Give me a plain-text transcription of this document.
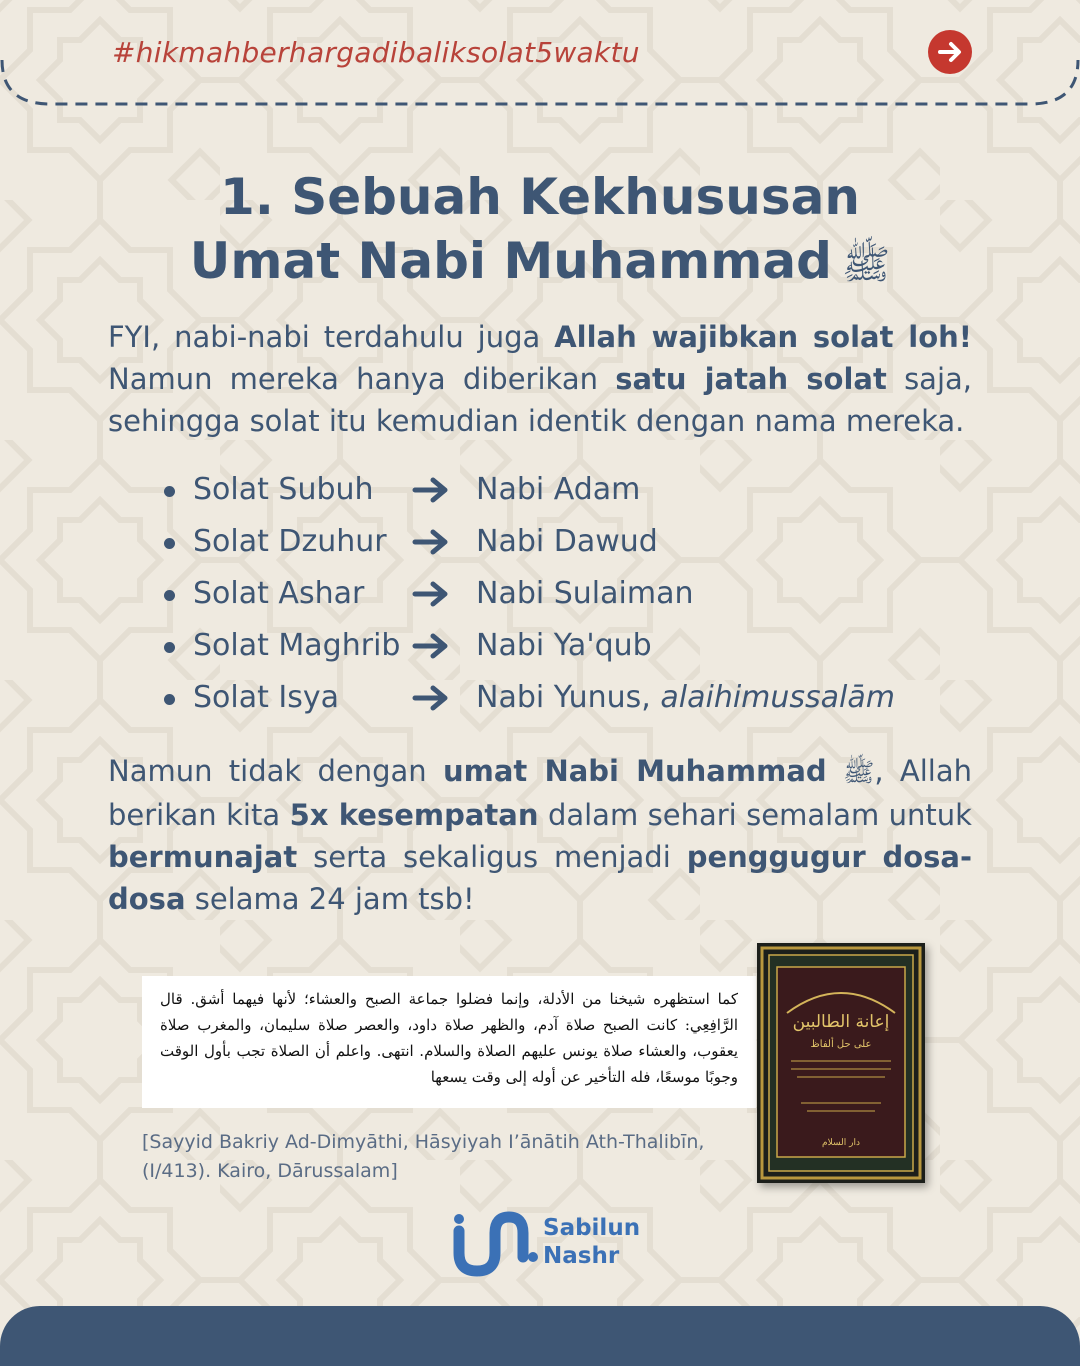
#hikmahberhargadibaliksolat5waktu
1. Sebuah Kekhususan
Umat Nabi Muhammad ﷺ
FYI, nabi-nabi terdahulu juga Allah wajibkan solat loh! Namun mereka hanya diberikan satu jatah solat saja, sehingga solat itu kemudian identik dengan nama mereka.
Solat Subuh	Nabi Adam
Solat Dzuhur	Nabi Dawud
Solat Ashar	Nabi Sulaiman
Solat Maghrib	Nabi Ya'qub
Solat Isya	Nabi Yunus, alaihimussalām
Namun tidak dengan umat Nabi Muhammad ﷺ, Allah berikan kita 5x kesempatan dalam sehari semalam untuk bermunajat serta sekaligus menjadi penggugur dosa-dosa selama 24 jam tsb!
كما استظهره شيخنا من الأدلة، وإنما فضلوا جماعة الصبح والعشاء؛ لأنها فيهما أشق. قال الرَّافِعِي: كانت الصبح صلاة آدم، والظهر صلاة داود، والعصر صلاة سليمان، والمغرب صلاة يعقوب، والعشاء صلاة يونس عليهم الصلاة والسلام. انتهى. واعلم أن الصلاة تجب بأول الوقت وجوبًا موسعًا، فله التأخير عن أوله إلى وقت يسعها
إعانة الطالبين
على حل ألفاظ
دار السلام
[Sayyid Bakriy Ad-Dimyāthi, Hāsyiyah I’ānātih Ath-Thalibīn, (I/413). Kairo, Dārussalam]
Sabilun
Nashr
